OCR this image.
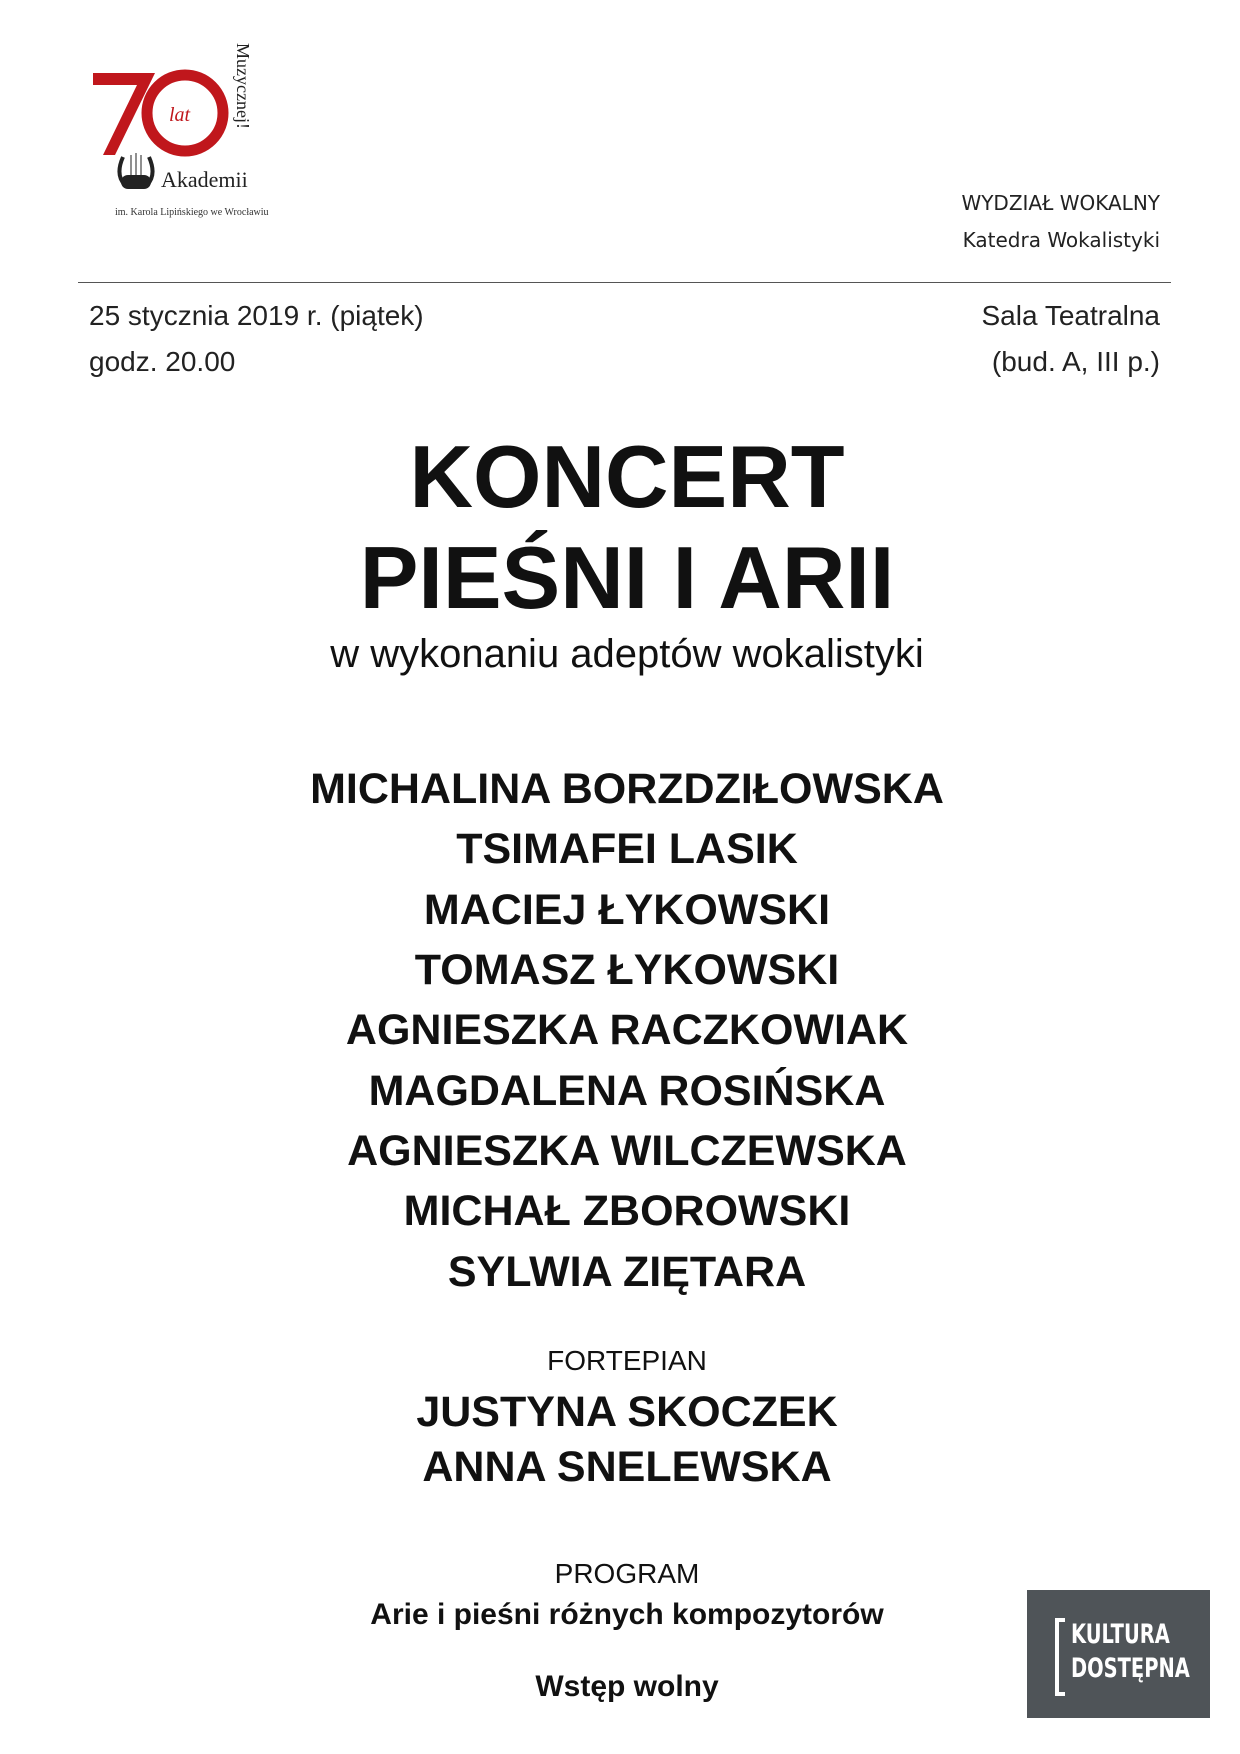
lat Muzycznej!
Akademii
im. Karola Lipińskiego we Wrocławiu	WYDZIAŁ WOKALNY
Katedra Wokalistyki
25 stycznia 2019 r. (piątek)
godz. 20.00
Sala Teatralna
(bud. A, III p.)
KONCERT
PIEŚNI I ARII
w wykonaniu adeptów wokalistyki
MICHALINA BORZDZIŁOWSKA
TSIMAFEI LASIK
MACIEJ ŁYKOWSKI
TOMASZ ŁYKOWSKI
AGNIESZKA RACZKOWIAK
MAGDALENA ROSIŃSKA
AGNIESZKA WILCZEWSKA
MICHAŁ ZBOROWSKI
SYLWIA ZIĘTARA
FORTEPIAN
JUSTYNA SKOCZEK
ANNA SNELEWSKA
PROGRAM
Arie i pieśni różnych kompozytorów
Wstęp wolny
KULTURA
DOSTĘPNA
